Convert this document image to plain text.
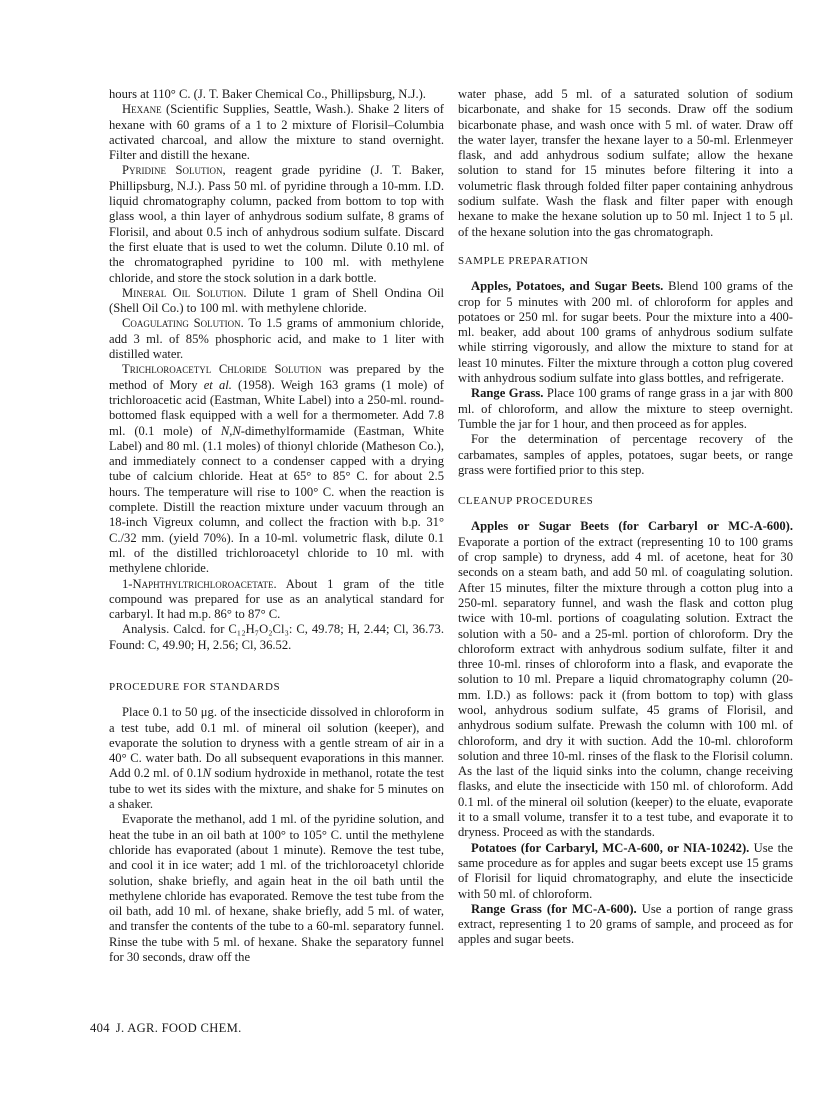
hours at 110° C. (J. T. Baker Chemical Co., Phillipsburg, N.J.).

Hexane (Scientific Supplies, Seattle, Wash.). Shake 2 liters of hexane with 60 grams of a 1 to 2 mixture of Florisil–Columbia activated charcoal, and allow the mixture to stand overnight. Filter and distill the hexane.

Pyridine Solution, reagent grade pyridine (J. T. Baker, Phillipsburg, N.J.). Pass 50 ml. of pyridine through a 10-mm. I.D. liquid chromatography column, packed from bottom to top with glass wool, a thin layer of anhydrous sodium sulfate, 8 grams of Florisil, and about 0.5 inch of anhydrous sodium sulfate. Discard the first eluate that is used to wet the column. Dilute 0.10 ml. of the chromatographed pyridine to 100 ml. with methylene chloride, and store the stock solution in a dark bottle.

Mineral Oil Solution. Dilute 1 gram of Shell Ondina Oil (Shell Oil Co.) to 100 ml. with methylene chloride.

Coagulating Solution. To 1.5 grams of ammonium chloride, add 3 ml. of 85% phosphoric acid, and make to 1 liter with distilled water.

Trichloroacetyl Chloride Solution was prepared by the method of Mory et al. (1958). Weigh 163 grams (1 mole) of trichloroacetic acid (Eastman, White Label) into a 250-ml. round-bottomed flask equipped with a well for a thermometer. Add 7.8 ml. (0.1 mole) of N,N-dimethylformamide (Eastman, White Label) and 80 ml. (1.1 moles) of thionyl chloride (Matheson Co.), and immediately connect to a condenser capped with a drying tube of calcium chloride. Heat at 65° to 85° C. for about 2.5 hours. The temperature will rise to 100° C. when the reaction is complete. Distill the reaction mixture under vacuum through an 18-inch Vigreux column, and collect the fraction with b.p. 31° C./32 mm. (yield 70%). In a 10-ml. volumetric flask, dilute 0.1 ml. of the distilled trichloroacetyl chloride to 10 ml. with methylene chloride.

1-Naphthyltrichloroacetate. About 1 gram of the title compound was prepared for use as an analytical standard for carbaryl. It had m.p. 86° to 87° C.

Analysis. Calcd. for C₁₂H₇O₂Cl₃: C, 49.78; H, 2.44; Cl, 36.73. Found: C, 49.90; H, 2.56; Cl, 36.52.

PROCEDURE FOR STANDARDS

Place 0.1 to 50 μg. of the insecticide dissolved in chloroform in a test tube, add 0.1 ml. of mineral oil solution (keeper), and evaporate the solution to dryness with a gentle stream of air in a 40° C. water bath. Do all subsequent evaporations in this manner. Add 0.2 ml. of 0.1N sodium hydroxide in methanol, rotate the test tube to wet its sides with the mixture, and shake for 5 minutes on a shaker.

Evaporate the methanol, add 1 ml. of the pyridine solution, and heat the tube in an oil bath at 100° to 105° C. until the methylene chloride has evaporated (about 1 minute). Remove the test tube, and cool it in ice water; add 1 ml. of the trichloroacetyl chloride solution, shake briefly, and again heat in the oil bath until the methylene chloride has evaporated. Remove the test tube from the oil bath, add 10 ml. of hexane, shake briefly, add 5 ml. of water, and transfer the contents of the tube to a 60-ml. separatory funnel. Rinse the tube with 5 ml. of hexane. Shake the separatory funnel for 30 seconds, draw off the

water phase, add 5 ml. of a saturated solution of sodium bicarbonate, and shake for 15 seconds. Draw off the sodium bicarbonate phase, and wash once with 5 ml. of water. Draw off the water layer, transfer the hexane layer to a 50-ml. Erlenmeyer flask, and add anhydrous sodium sulfate; allow the hexane solution to stand for 15 minutes before filtering it into a volumetric flask through folded filter paper containing anhydrous sodium sulfate. Wash the flask and filter paper with enough hexane to make the hexane solution up to 50 ml. Inject 1 to 5 μl. of the hexane solution into the gas chromatograph.

SAMPLE PREPARATION

Apples, Potatoes, and Sugar Beets. Blend 100 grams of the crop for 5 minutes with 200 ml. of chloroform for apples and potatoes or 250 ml. for sugar beets. Pour the mixture into a 400-ml. beaker, add about 100 grams of anhydrous sodium sulfate while stirring vigorously, and allow the mixture to stand for at least 10 minutes. Filter the mixture through a cotton plug covered with anhydrous sodium sulfate into glass bottles, and refrigerate.

Range Grass. Place 100 grams of range grass in a jar with 800 ml. of chloroform, and allow the mixture to steep overnight. Tumble the jar for 1 hour, and then proceed as for apples.

For the determination of percentage recovery of the carbamates, samples of apples, potatoes, sugar beets, or range grass were fortified prior to this step.

CLEANUP PROCEDURES

Apples or Sugar Beets (for Carbaryl or MC-A-600). Evaporate a portion of the extract (representing 10 to 100 grams of crop sample) to dryness, add 4 ml. of acetone, heat for 30 seconds on a steam bath, and add 50 ml. of coagulating solution. After 15 minutes, filter the mixture through a cotton plug into a 250-ml. separatory funnel, and wash the flask and cotton plug twice with 10-ml. portions of coagulating solution. Extract the solution with a 50- and a 25-ml. portion of chloroform. Dry the chloroform extract with anhydrous sodium sulfate, filter it and three 10-ml. rinses of chloroform into a flask, and evaporate the solution to 10 ml. Prepare a liquid chromatography column (20-mm. I.D.) as follows: pack it (from bottom to top) with glass wool, anhydrous sodium sulfate, 45 grams of Florisil, and anhydrous sodium sulfate. Prewash the column with 100 ml. of chloroform, and dry it with suction. Add the 10-ml. chloroform solution and three 10-ml. rinses of the flask to the Florisil column. As the last of the liquid sinks into the column, change receiving flasks, and elute the insecticide with 150 ml. of chloroform. Add 0.1 ml. of the mineral oil solution (keeper) to the eluate, evaporate it to a small volume, transfer it to a test tube, and evaporate it to dryness. Proceed as with the standards.

Potatoes (for Carbaryl, MC-A-600, or NIA-10242). Use the same procedure as for apples and sugar beets except use 15 grams of Florisil for liquid chromatography, and elute the insecticide with 50 ml. of chloroform.

Range Grass (for MC-A-600). Use a portion of range grass extract, representing 1 to 20 grams of sample, and proceed as for apples and sugar beets.

404 J. AGR. FOOD CHEM.
